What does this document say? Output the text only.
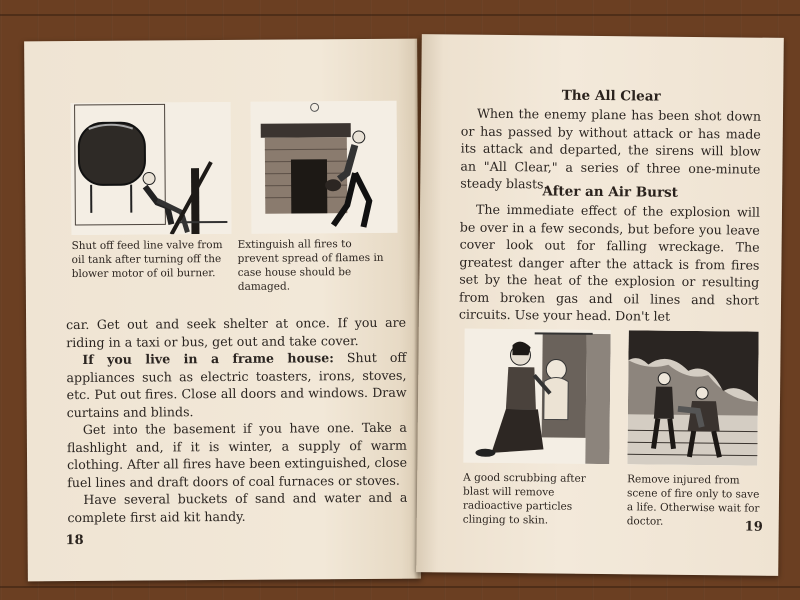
Shut off feed line valve from oil tank after turning off the blower motor of oil burner.
Extinguish all fires to prevent spread of flames in case house should be damaged.

car. Get out and seek shelter at once. If you are riding in a taxi or bus, get out and take cover.

If you live in a frame house: Shut off appliances such as electric toasters, irons, stoves, etc. Put out fires. Close all doors and windows. Draw curtains and blinds.

Get into the basement if you have one. Take a flashlight and, if it is winter, a supply of warm clothing. After all fires have been extinguished, close fuel lines and draft doors of coal furnaces or stoves.

Have several buckets of sand and water and a complete first aid kit handy.

18
The All Clear

When the enemy plane has been shot down or has passed by without attack or has made its attack and departed, the sirens will blow an "All Clear," a series of three one-minute steady blasts.

After an Air Burst

The immediate effect of the explosion will be over in a few seconds, but before you leave cover look out for falling wreckage. The greatest danger after the attack is from fires set by the heat of the explosion or resulting from broken gas and oil lines and short circuits. Use your head. Don't let

A good scrubbing after blast will remove radioactive particles clinging to skin.
Remove injured from scene of fire only to save a life. Otherwise wait for doctor.	19
